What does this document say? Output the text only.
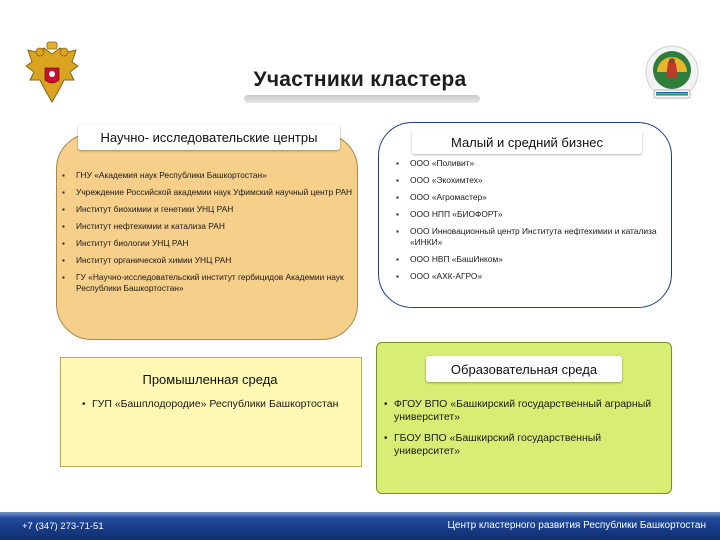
Участники кластера
Научно- исследовательские центры
▪ ГНУ «Академия наук Республики Башкортостан»
▪ Учреждение Российской академии наук Уфимский научный центр РАН
▪ Институт биохимии и генетики УНЦ РАН
▪ Институт нефтехимии и катализа РАН
▪ Институт биологии УНЦ РАН
▪ Институт органической химии УНЦ РАН
▪ ГУ «Научно-исследовательский институт гербицидов Академии наук Республики Башкортостан»
Малый и средний бизнес
▪ ООО «Поливит»
▪ ООО «Экохимтех»
▪ ООО «Агромастер»
▪ ООО НПП «БИОФОРТ»
▪ ООО Инновационный центр Института нефтехимии и катализа «ИНКИ»
▪ ООО НВП «БашИнком»
▪ ООО «АХК-АГРО»
Промышленная среда
• ГУП «Башплодородие» Республики Башкортостан
Образовательная среда
• ФГОУ ВПО «Башкирский государственный аграрный университет»
• ГБОУ ВПО «Башкирский государственный университет»
+7 (347) 273-71-51	Центр кластерного развития Республики Башкортостан
